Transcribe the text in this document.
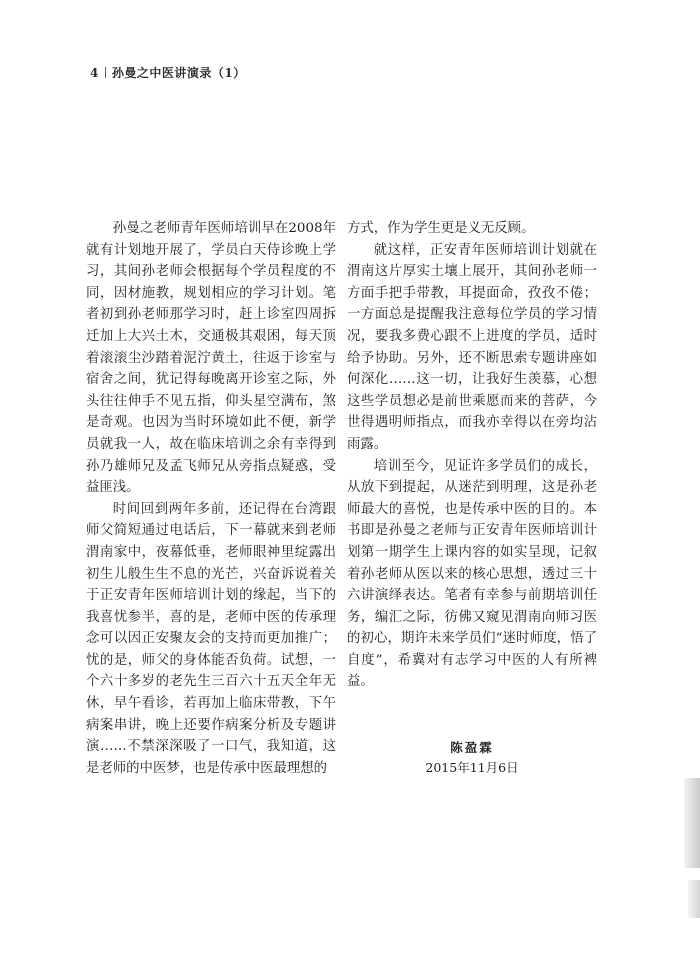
4 孙曼之中医讲演录（1）

孙曼之老师青年医师培训早在2008年就有计划地开展了，学员白天侍诊晚上学习，其间孙老师会根据每个学员程度的不同，因材施教，规划相应的学习计划。笔者初到孙老师那学习时，赶上诊室四周拆迁加上大兴土木，交通极其艰困，每天顶着滚滚尘沙踏着泥泞黄土，往返于诊室与宿舍之间，犹记得每晚离开诊室之际，外头往往伸手不见五指，仰头星空满布，煞是奇观。也因为当时环境如此不便，新学员就我一人，故在临床培训之余有幸得到孙乃雄师兄及孟飞师兄从旁指点疑惑，受益匪浅。

时间回到两年多前，还记得在台湾跟师父简短通过电话后，下一幕就来到老师渭南家中，夜幕低垂，老师眼神里绽露出初生儿般生生不息的光芒，兴奋诉说着关于正安青年医师培训计划的缘起，当下的我喜忧参半，喜的是，老师中医的传承理念可以因正安聚友会的支持而更加推广；忧的是，师父的身体能否负荷。试想，一个六十多岁的老先生三百六十五天全年无休，早午看诊，若再加上临床带教，下午病案串讲，晚上还要作病案分析及专题讲演……不禁深深吸了一口气，我知道，这是老师的中医梦，也是传承中医最理想的

方式，作为学生更是义无反顾。

就这样，正安青年医师培训计划就在渭南这片厚实土壤上展开，其间孙老师一方面手把手带教，耳提面命，孜孜不倦；一方面总是提醒我注意每位学员的学习情况，要我多费心跟不上进度的学员，适时给予协助。另外，还不断思索专题讲座如何深化……这一切，让我好生羡慕，心想这些学员想必是前世乘愿而来的菩萨，今世得遇明师指点，而我亦幸得以在旁均沾雨露。

培训至今，见证许多学员们的成长，从放下到提起，从迷茫到明理，这是孙老师最大的喜悦，也是传承中医的目的。本书即是孙曼之老师与正安青年医师培训计划第一期学生上课内容的如实呈现，记叙着孙老师从医以来的核心思想，透过三十六讲演绎表达。笔者有幸参与前期培训任务，编汇之际，彷佛又窥见渭南向师习医的初心，期许未来学员们“迷时师度，悟了自度”，希冀对有志学习中医的人有所裨益。

陈盈霖
2015年11月6日
